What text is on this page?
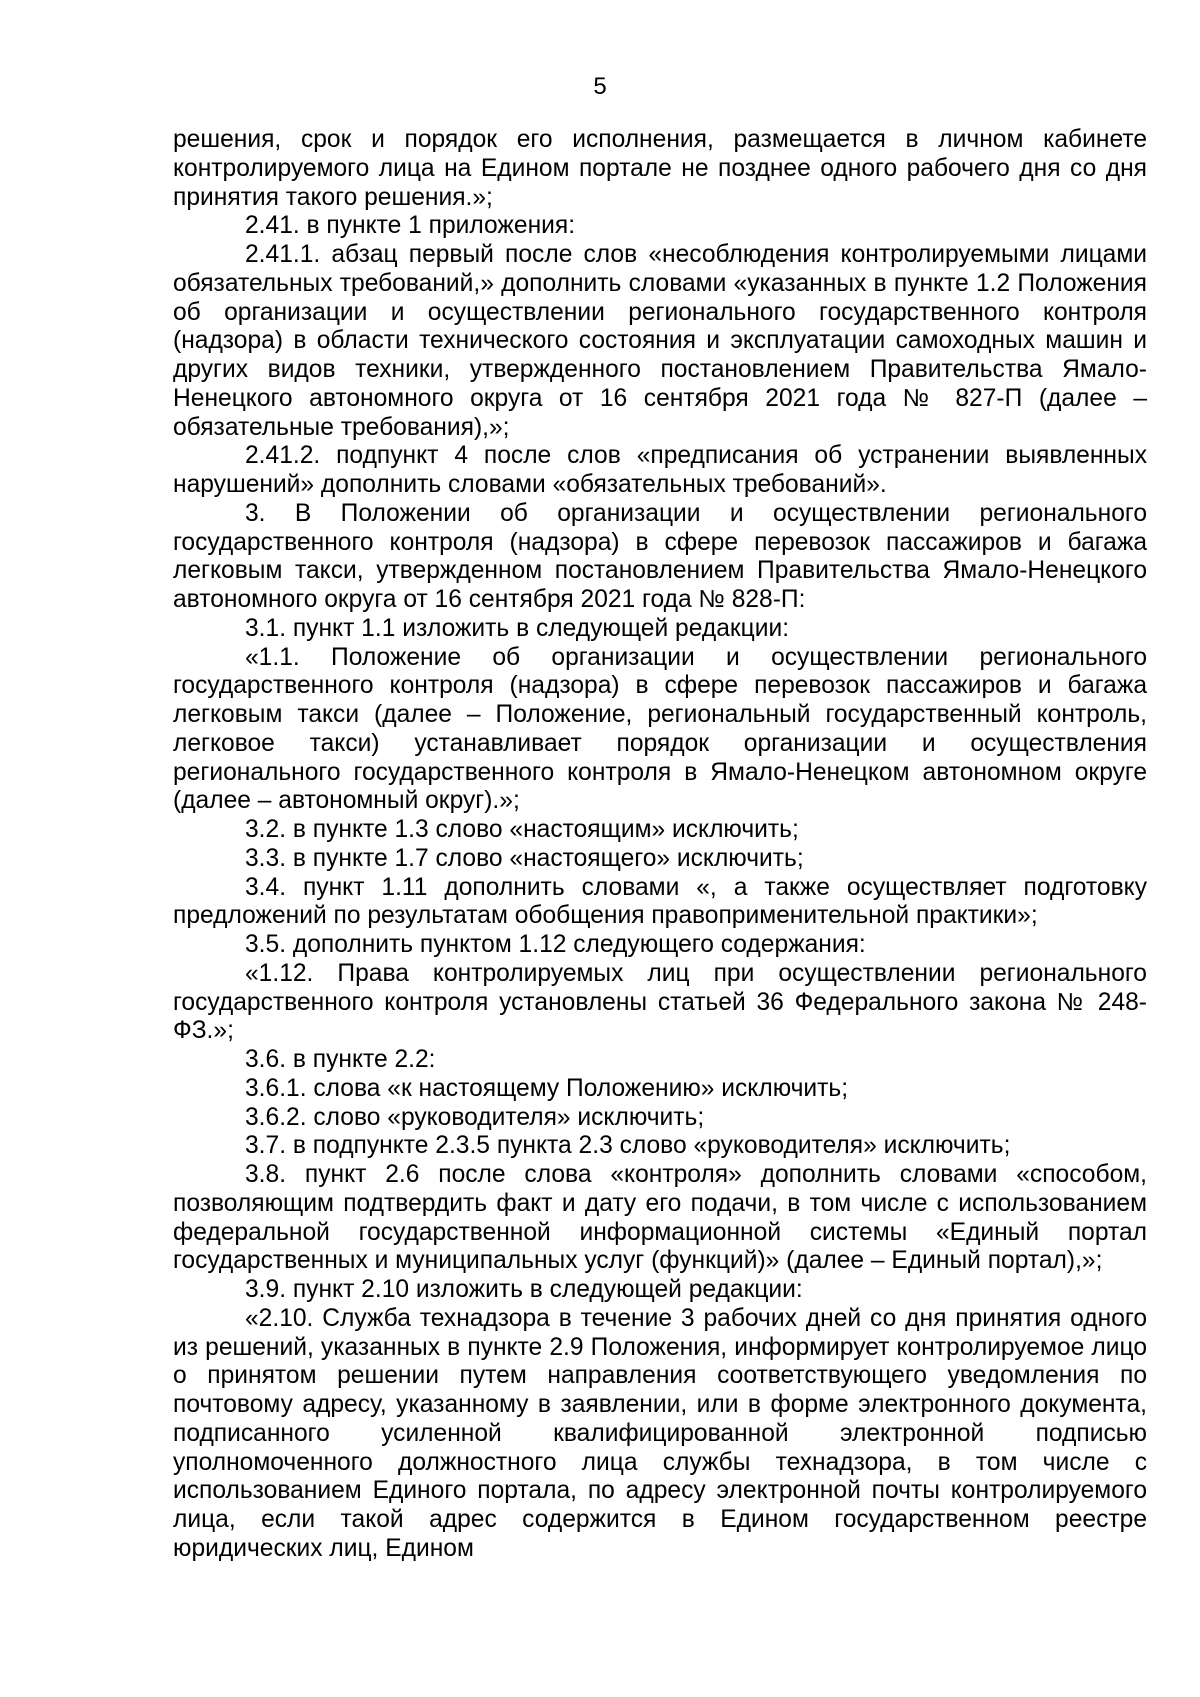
5

решения, срок и порядок его исполнения, размещается в личном кабинете контролируемого лица на Едином портале не позднее одного рабочего дня со дня принятия такого решения.»;

2.41. в пункте 1 приложения:

2.41.1. абзац первый после слов «несоблюдения контролируемыми лицами обязательных требований,» дополнить словами «указанных в пункте 1.2 Положения об организации и осуществлении регионального государственного контроля (надзора) в области технического состояния и эксплуатации самоходных машин и других видов техники, утвержденного постановлением Правительства Ямало-Ненецкого автономного округа от 16 сентября 2021 года № 827-П (далее – обязательные требования),»;

2.41.2. подпункт 4 после слов «предписания об устранении выявленных нарушений» дополнить словами «обязательных требований».

3. В Положении об организации и осуществлении регионального государственного контроля (надзора) в сфере перевозок пассажиров и багажа легковым такси, утвержденном постановлением Правительства Ямало-Ненецкого автономного округа от 16 сентября 2021 года № 828-П:

3.1. пункт 1.1 изложить в следующей редакции:

«1.1. Положение об организации и осуществлении регионального государственного контроля (надзора) в сфере перевозок пассажиров и багажа легковым такси (далее – Положение, региональный государственный контроль, легковое такси) устанавливает порядок организации и осуществления регионального государственного контроля в Ямало-Ненецком автономном округе (далее – автономный округ).»;

3.2. в пункте 1.3 слово «настоящим» исключить;

3.3. в пункте 1.7 слово «настоящего» исключить;

3.4. пункт 1.11 дополнить словами «, а также осуществляет подготовку предложений по результатам обобщения правоприменительной практики»;

3.5. дополнить пунктом 1.12 следующего содержания:

«1.12. Права контролируемых лиц при осуществлении регионального государственного контроля установлены статьей 36 Федерального закона № 248-ФЗ.»;

3.6. в пункте 2.2:

3.6.1. слова «к настоящему Положению» исключить;

3.6.2. слово «руководителя» исключить;

3.7. в подпункте 2.3.5 пункта 2.3 слово «руководителя» исключить;

3.8. пункт 2.6 после слова «контроля» дополнить словами «способом, позволяющим подтвердить факт и дату его подачи, в том числе с использованием федеральной государственной информационной системы «Единый портал государственных и муниципальных услуг (функций)» (далее – Единый портал),»;

3.9. пункт 2.10 изложить в следующей редакции:

«2.10. Служба технадзора в течение 3 рабочих дней со дня принятия одного из решений, указанных в пункте 2.9 Положения, информирует контролируемое лицо о принятом решении путем направления соответствующего уведомления по почтовому адресу, указанному в заявлении, или в форме электронного документа, подписанного усиленной квалифицированной электронной подписью уполномоченного должностного лица службы технадзора, в том числе с использованием Единого портала, по адресу электронной почты контролируемого лица, если такой адрес содержится в Едином государственном реестре юридических лиц, Едином
